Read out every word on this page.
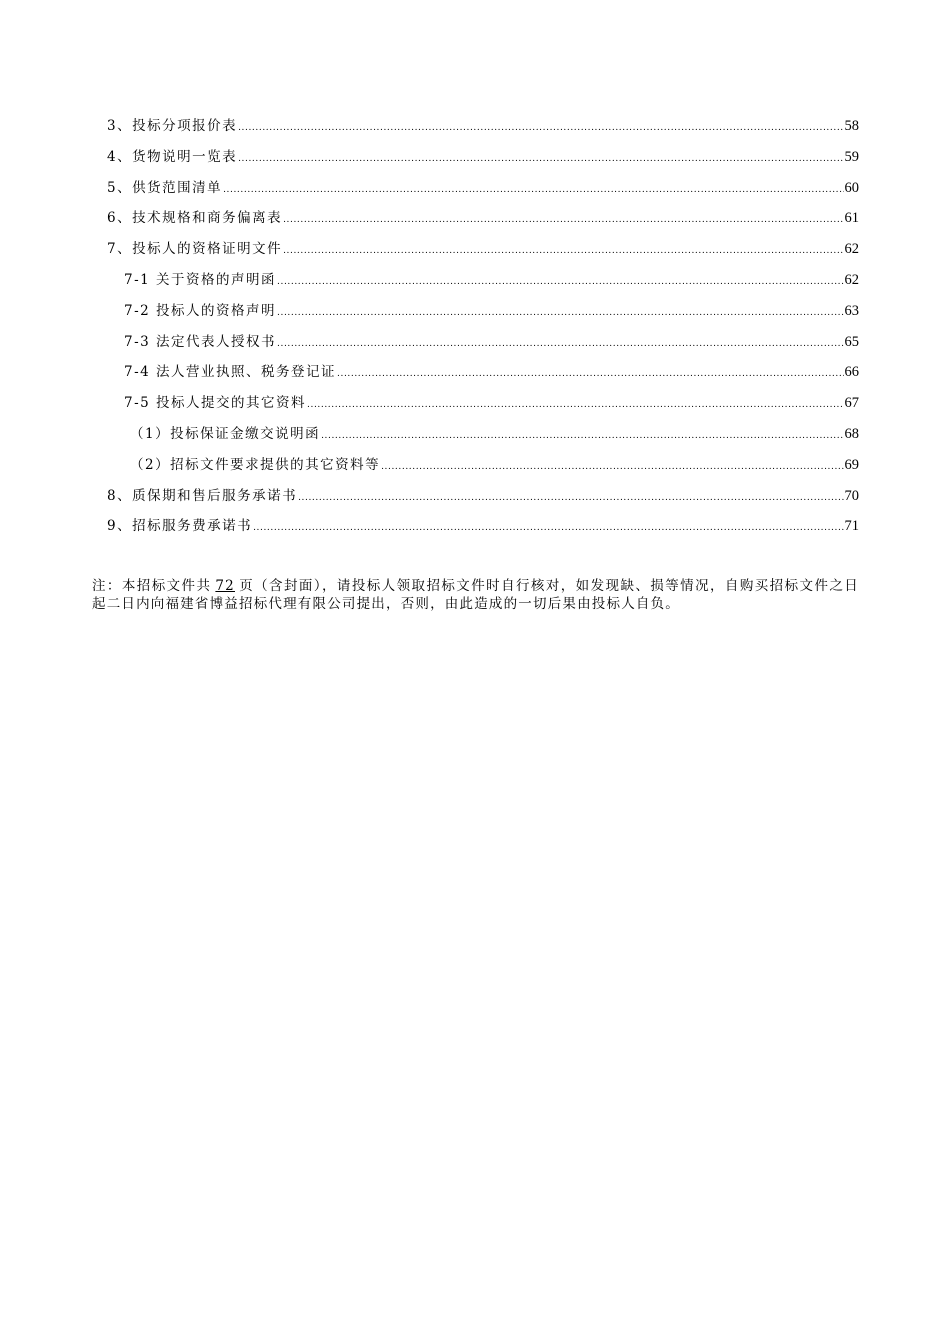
3、投标分项报价表 .....	58
4、货物说明一览表 .....	59
5、供货范围清单 .....	60
6、技术规格和商务偏离表 .....	61
7、投标人的资格证明文件 .....	62
7-1 关于资格的声明函 .....	62
7-2 投标人的资格声明 .....	63
7-3 法定代表人授权书 .....	65
7-4 法人营业执照、税务登记证 .....	66
7-5 投标人提交的其它资料 .....	67
（1）投标保证金缴交说明函 .....	68
（2）招标文件要求提供的其它资料等 .....	69
8、质保期和售后服务承诺书 .....	70
9、招标服务费承诺书 .....	71

注：本招标文件共 72 页（含封面），请投标人领取招标文件时自行核对，如发现缺、损等情况，自购买招标文件之日起二日内向福建省博益招标代理有限公司提出，否则，由此造成的一切后果由投标人自负。
